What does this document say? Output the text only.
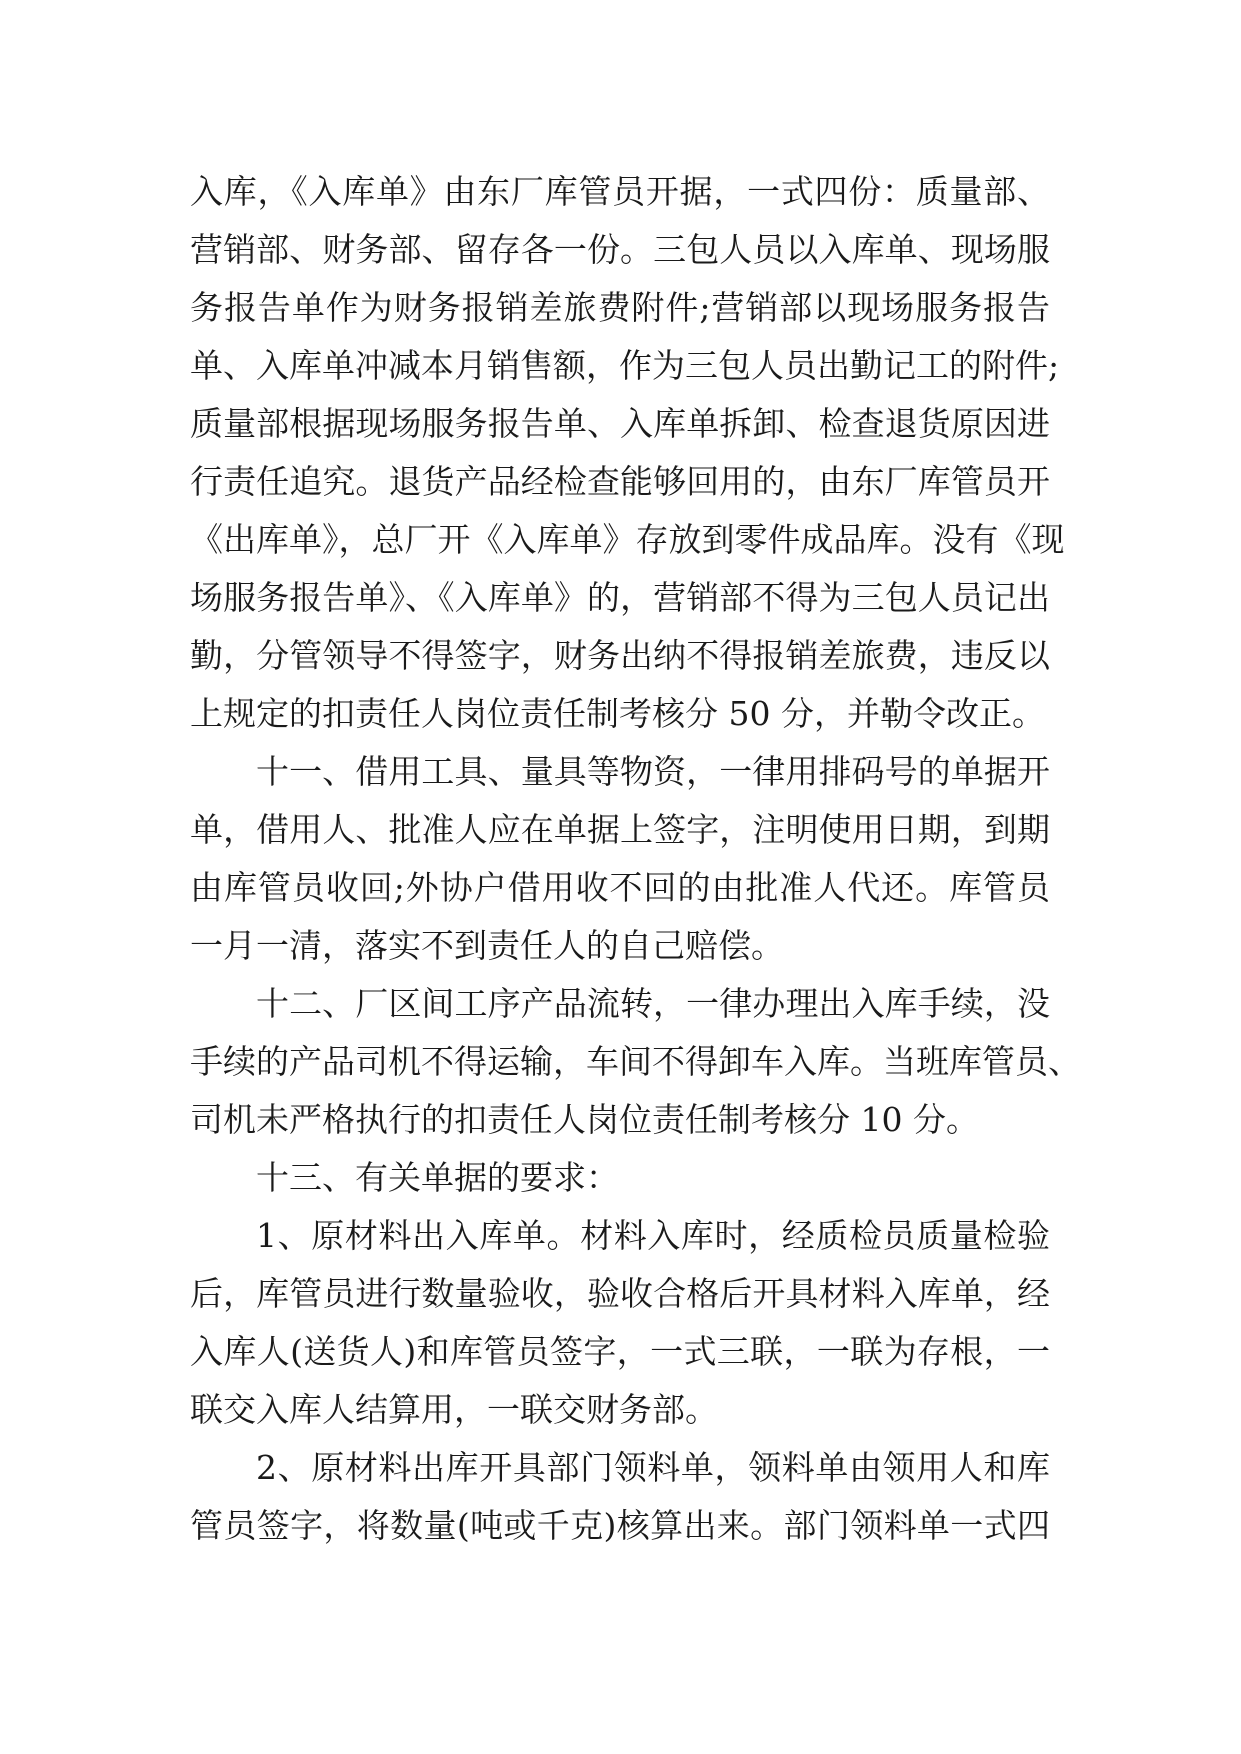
入库，《入库单》由东厂库管员开据，一式四份：质量部、
营销部、财务部、留存各一份。三包人员以入库单、现场服
务报告单作为财务报销差旅费附件;营销部以现场服务报告
单、入库单冲减本月销售额，作为三包人员出勤记工的附件;
质量部根据现场服务报告单、入库单拆卸、检查退货原因进
行责任追究。退货产品经检查能够回用的，由东厂库管员开
《出库单》，总厂开《入库单》存放到零件成品库。没有《现
场服务报告单》、《入库单》的，营销部不得为三包人员记出
勤，分管领导不得签字，财务出纳不得报销差旅费，违反以
上规定的扣责任人岗位责任制考核分 50 分，并勒令改正。
十一、借用工具、量具等物资，一律用排码号的单据开
单，借用人、批准人应在单据上签字，注明使用日期，到期
由库管员收回;外协户借用收不回的由批准人代还。库管员
一月一清，落实不到责任人的自己赔偿。
十二、厂区间工序产品流转，一律办理出入库手续，没
手续的产品司机不得运输，车间不得卸车入库。当班库管员、
司机未严格执行的扣责任人岗位责任制考核分 10 分。
十三、有关单据的要求：
1、原材料出入库单。材料入库时，经质检员质量检验
后，库管员进行数量验收，验收合格后开具材料入库单，经
入库人(送货人)和库管员签字，一式三联，一联为存根，一
联交入库人结算用，一联交财务部。
2、原材料出库开具部门领料单，领料单由领用人和库
管员签字，将数量(吨或千克)核算出来。部门领料单一式四
